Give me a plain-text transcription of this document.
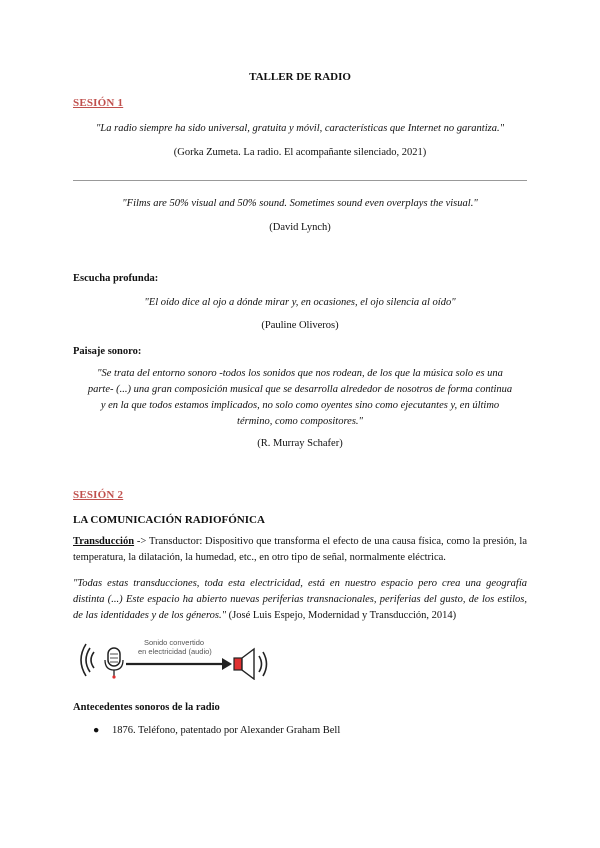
TALLER DE RADIO
SESIÓN 1
"La radio siempre ha sido universal, gratuita y móvil, características que Internet no garantiza."
(Gorka Zumeta. La radio. El acompañante silenciado, 2021)
"Films are 50% visual and 50% sound. Sometimes sound even overplays the visual."
(David Lynch)
Escucha profunda:
"El oído dice al ojo a dónde mirar y, en ocasiones, el ojo silencia al oído"
(Pauline Oliveros)
Paisaje sonoro:
"Se trata del entorno sonoro -todos los sonidos que nos rodean, de los que la música solo es una
parte- (...) una gran composición musical que se desarrolla alrededor de nosotros de forma continua
y en la que todos estamos implicados, no solo como oyentes sino como ejecutantes y, en último
término, como compositores."
(R. Murray Schafer)
SESIÓN 2
LA COMUNICACIÓN RADIOFÓNICA
Transducción -> Transductor: Dispositivo que transforma el efecto de una causa física, como la presión, la temperatura, la dilatación, la humedad, etc., en otro tipo de señal, normalmente eléctrica.
"Todas estas transducciones, toda esta electricidad, está en nuestro espacio pero crea una geografía distinta (...) Este espacio ha abierto nuevas periferias transnacionales, periferias del gusto, de los estilos, de las identidades y de los géneros." (José Luis Espejo, Modernidad y Transducción, 2014)
Sonido convertido
en electricidad (audio)
Antecedentes sonoros de la radio
● 1876. Teléfono, patentado por Alexander Graham Bell
